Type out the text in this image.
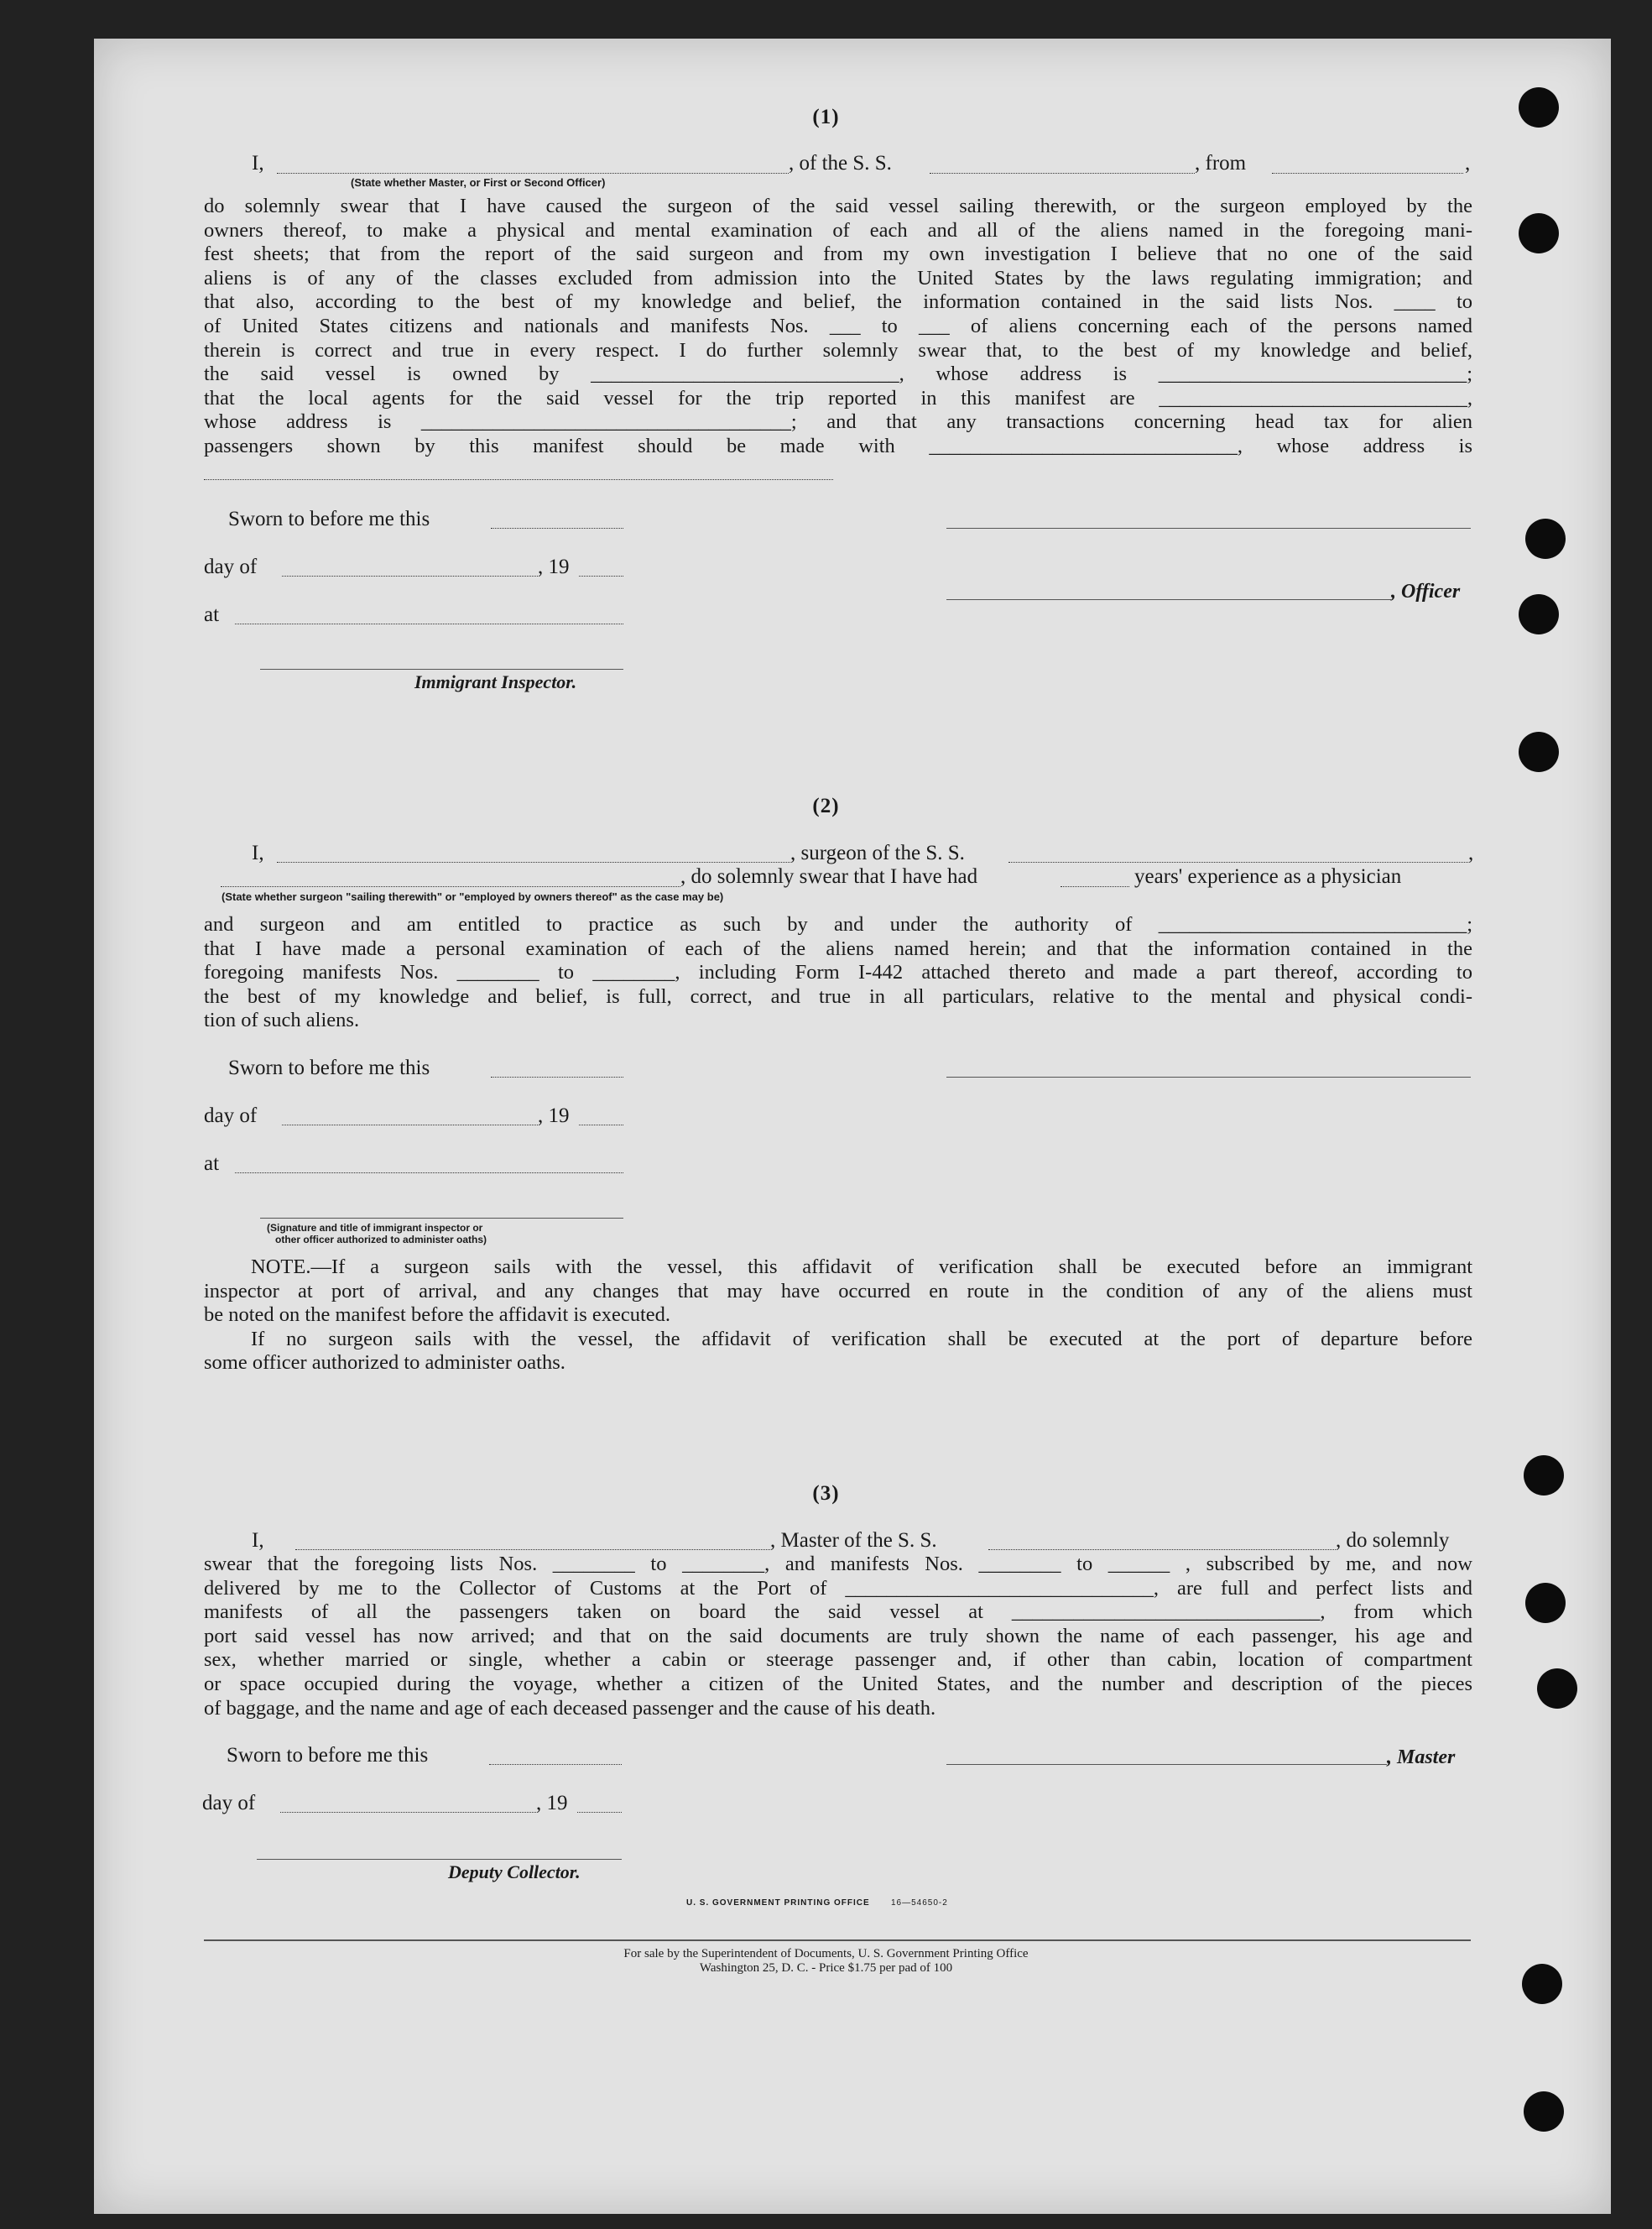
(1)
I,
(State whether Master, or First or Second Officer)
, of the S. S.	, from	,
do solemnly swear that I have caused the surgeon of the said vessel sailing therewith, or the surgeon employed by the
owners thereof, to make a physical and mental examination of each and all of the aliens named in the foregoing mani-
fest sheets; that from the report of the said surgeon and from my own investigation I believe that no one of the said
aliens is of any of the classes excluded from admission into the United States by the laws regulating immigration; and
that also, according to the best of my knowledge and belief, the information contained in the said lists Nos. ____ to
of United States citizens and nationals and manifests Nos. ___ to ___ of aliens concerning each of the persons named
therein is correct and true in every respect. I do further solemnly swear that, to the best of my knowledge and belief,
the said vessel is owned by ______________________________, whose address is ______________________________;
that the local agents for the said vessel for the trip reported in this manifest are ______________________________,
whose address is ____________________________________; and that any transactions concerning head tax for alien
passengers shown by this manifest should be made with ______________________________, whose address is
Sworn to before me this
day of	, 19
, Officer
at
Immigrant Inspector.
(2)
I,	, surgeon of the S. S.	,
, do solemnly swear that I have had	years' experience as a physician
(State whether surgeon "sailing therewith" or "employed by owners thereof" as the case may be)
and surgeon and am entitled to practice as such by and under the authority of ______________________________;
that I have made a personal examination of each of the aliens named herein; and that the information contained in the
foregoing manifests Nos. ________ to ________, including Form I-442 attached thereto and made a part thereof, according to
the best of my knowledge and belief, is full, correct, and true in all particulars, relative to the mental and physical condi-
tion of such aliens.
Sworn to before me this
day of	, 19
at
(Signature and title of immigrant inspector or
other officer authorized to administer oaths)
NOTE.—If a surgeon sails with the vessel, this affidavit of verification shall be executed before an immigrant
inspector at port of arrival, and any changes that may have occurred en route in the condition of any of the aliens must
be noted on the manifest before the affidavit is executed.
If no surgeon sails with the vessel, the affidavit of verification shall be executed at the port of departure before
some officer authorized to administer oaths.
(3)
I,	, Master of the S. S.	, do solemnly
swear that the foregoing lists Nos. ________ to ________, and manifests Nos. ________ to ______ , subscribed by me, and now
delivered by me to the Collector of Customs at the Port of ______________________________, are full and perfect lists and
manifests of all the passengers taken on board the said vessel at ______________________________, from which
port said vessel has now arrived; and that on the said documents are truly shown the name of each passenger, his age and
sex, whether married or single, whether a cabin or steerage passenger and, if other than cabin, location of compartment
or space occupied during the voyage, whether a citizen of the United States, and the number and description of the pieces
of baggage, and the name and age of each deceased passenger and the cause of his death.
Sworn to before me this	, Master
day of	, 19
Deputy Collector.
U. S. GOVERNMENT PRINTING OFFICE	16—54650-2
For sale by the Superintendent of Documents, U. S. Government Printing Office
Washington 25, D. C. - Price $1.75 per pad of 100
